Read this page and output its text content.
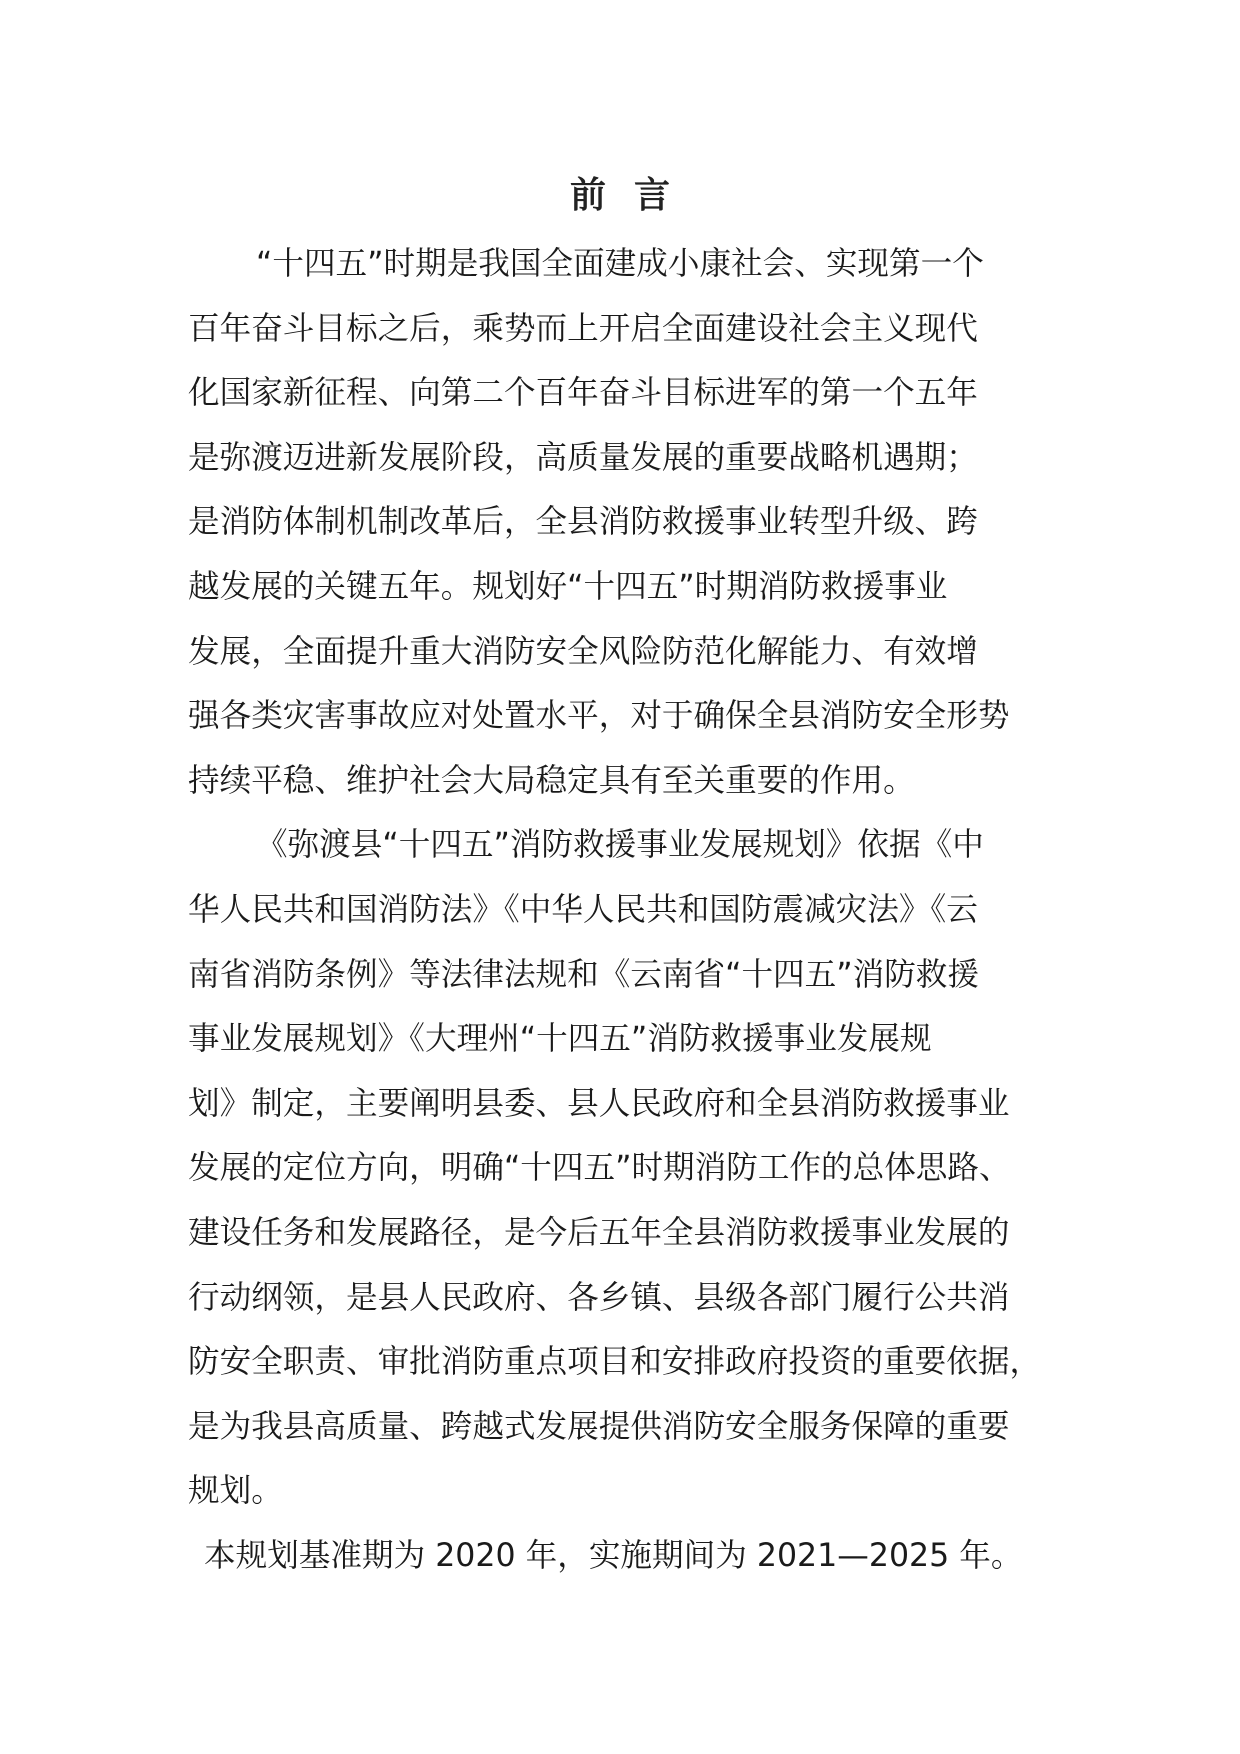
前言
“十四五”时期是我国全面建成小康社会、实现第一个
百年奋斗目标之后，乘势而上开启全面建设社会主义现代
化国家新征程、向第二个百年奋斗目标进军的第一个五年
是弥渡迈进新发展阶段，高质量发展的重要战略机遇期；
是消防体制机制改革后，全县消防救援事业转型升级、跨
越发展的关键五年。规划好“十四五”时期消防救援事业
发展，全面提升重大消防安全风险防范化解能力、有效增
强各类灾害事故应对处置水平，对于确保全县消防安全形势
持续平稳、维护社会大局稳定具有至关重要的作用。
《弥渡县“十四五”消防救援事业发展规划》依据《中
华人民共和国消防法》《中华人民共和国防震减灾法》《云
南省消防条例》等法律法规和《云南省“十四五”消防救援
事业发展规划》《大理州“十四五”消防救援事业发展规
划》制定，主要阐明县委、县人民政府和全县消防救援事业
发展的定位方向，明确“十四五”时期消防工作的总体思路、
建设任务和发展路径，是今后五年全县消防救援事业发展的
行动纲领，是县人民政府、各乡镇、县级各部门履行公共消
防安全职责、审批消防重点项目和安排政府投资的重要依据，
是为我县高质量、跨越式发展提供消防安全服务保障的重要
规划。
本规划基准期为 2020 年，实施期间为 2021—2025 年。
